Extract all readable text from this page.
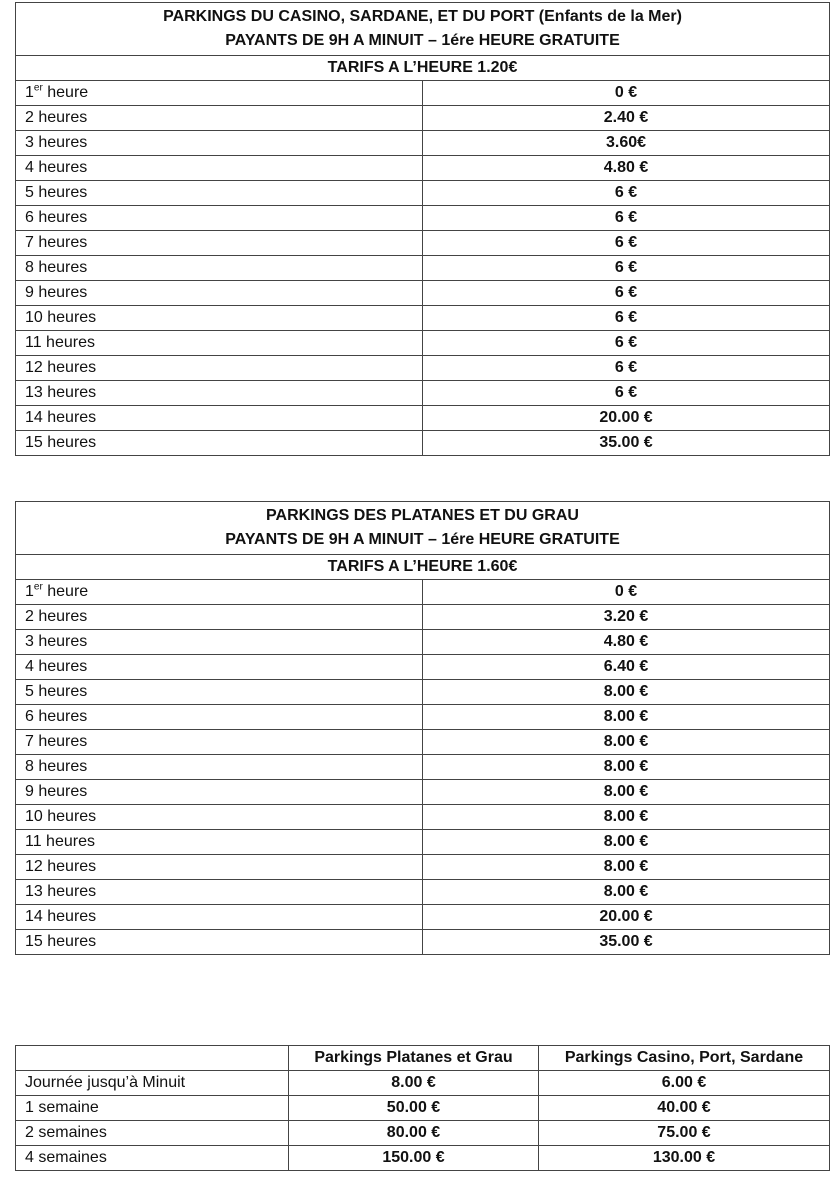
PARKINGS DU CASINO, SARDANE, ET DU PORT (Enfants de la Mer)
PAYANTS DE 9H A MINUIT – 1ére HEURE GRATUITE	

TARIFS A L’HEURE 1.20€	
1er heure	0 €
2 heures	2.40 €
3 heures	3.60€
4 heures	4.80 €
5 heures	6 €
6 heures	6 €
7 heures	6 €
8 heures	6 €
9 heures	6 €
10 heures	6 €
11 heures	6 €
12 heures	6 €
13 heures	6 €
14 heures	20.00 €
15 heures	35.00 €
PARKINGS DES PLATANES ET DU GRAU
PAYANTS DE 9H A MINUIT – 1ére HEURE GRATUITE	

TARIFS A L’HEURE 1.60€	
1er heure	0 €
2 heures	3.20 €
3 heures	4.80 €
4 heures	6.40 €
5 heures	8.00 €
6 heures	8.00 €
7 heures	8.00 €
8 heures	8.00 €
9 heures	8.00 €
10 heures	8.00 €
11 heures	8.00 €
12 heures	8.00 €
13 heures	8.00 €
14 heures	20.00 €
15 heures	35.00 €
	Parkings Platanes et Grau	Parkings Casino, Port, Sardane
Journée jusqu’à Minuit	8.00 €	6.00 €
1 semaine	50.00 €	40.00 €
2 semaines	80.00 €	75.00 €
4 semaines	150.00 €	130.00 €
